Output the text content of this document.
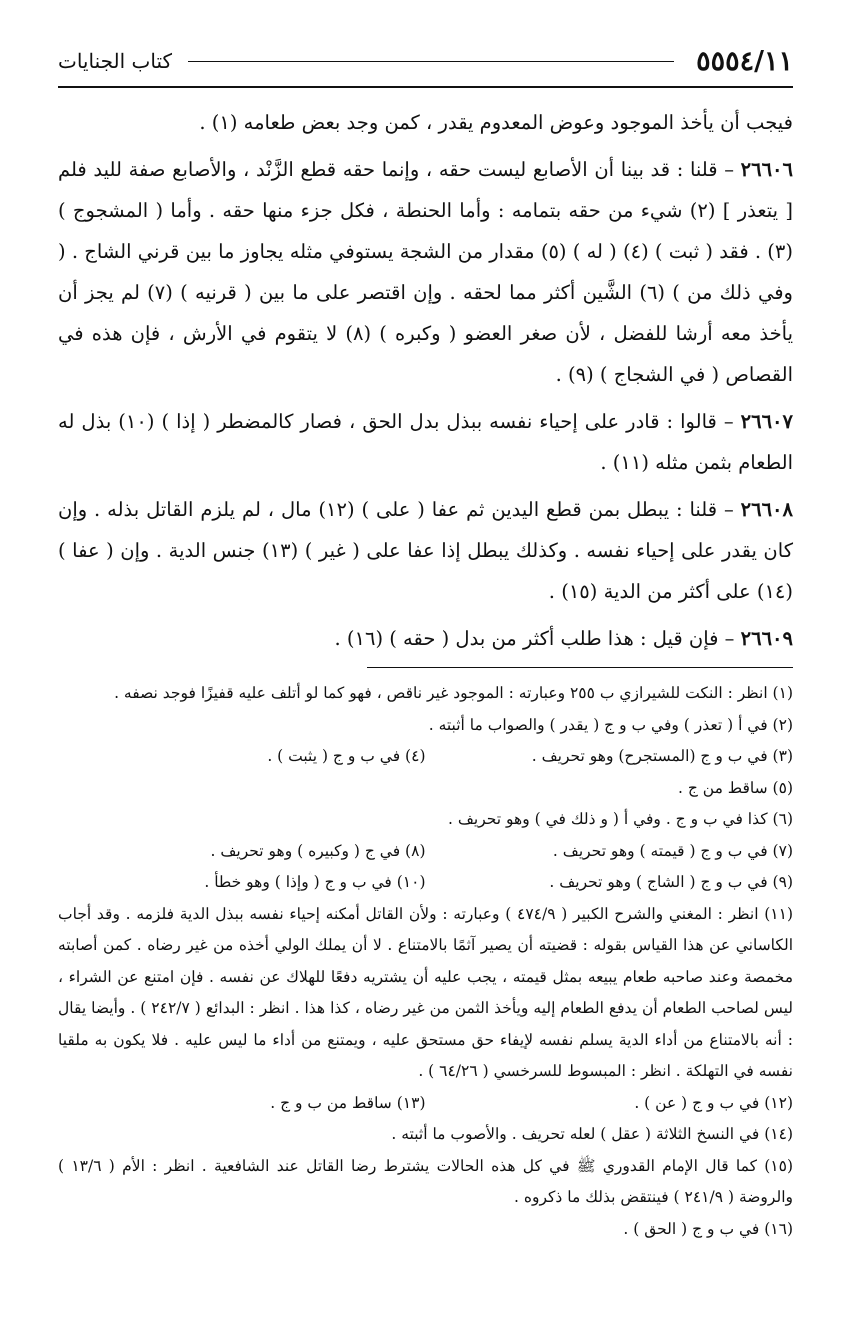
٥٥٥٤/١١
كتاب الجنايات

فيجب أن يأخذ الموجود وعوض المعدوم يقدر ، كمن وجد بعض طعامه (١) .

٢٦٦٠٦ – قلنا : قد بينا أن الأصابع ليست حقه ، وإنما حقه قطع الزَّنْد ، والأصابع صفة لليد فلم [ يتعذر ] (٢) شيء من حقه بتمامه : وأما الحنطة ، فكل جزء منها حقه . وأما ( المشجوج ) (٣) . فقد ( ثبت ) (٤) ( له ) (٥) مقدار من الشجة يستوفي مثله يجاوز ما بين قرني الشاج . ( وفي ذلك من ) (٦) الشَّين أكثر مما لحقه . وإن اقتصر على ما بين ( قرنيه ) (٧) لم يجز أن يأخذ معه أرشا للفضل ، لأن صغر العضو ( وكبره ) (٨) لا يتقوم في الأرش ، فإن هذه في القصاص ( في الشجاج ) (٩) .

٢٦٦٠٧ – قالوا : قادر على إحياء نفسه ببذل بدل الحق ، فصار كالمضطر ( إذا ) (١٠) بذل له الطعام بثمن مثله (١١) .

٢٦٦٠٨ – قلنا : يبطل بمن قطع اليدين ثم عفا ( على ) (١٢) مال ، لم يلزم القاتل بذله . وإن كان يقدر على إحياء نفسه . وكذلك يبطل إذا عفا على ( غير ) (١٣) جنس الدية . وإن ( عفا ) (١٤) على أكثر من الدية (١٥) .

٢٦٦٠٩ – فإن قيل : هذا طلب أكثر من بدل ( حقه ) (١٦) .

(١) انظر : النكت للشيرازي ب ٢٥٥ وعبارته : الموجود غير ناقص ، فهو كما لو أتلف عليه قفيزًا فوجد نصفه .

(٢) في أ ( تعذر ) وفي ب و ج ( يقدر ) والصواب ما أثبته .

(٣) في ب و ج (المستجرح) وهو تحريف .
(٤) في ب و ج ( يثبت ) .

(٥) ساقط من ج .

(٦) كذا في ب و ج . وفي أ ( و ذلك في ) وهو تحريف .

(٧) في ب و ج ( قيمته ) وهو تحريف .
(٨) في ج ( وكبيره ) وهو تحريف .
(٩) في ب و ج ( الشاج ) وهو تحريف .
(١٠) في ب و ج ( وإذا ) وهو خطأ .

(١١) انظر : المغني والشرح الكبير ( ٤٧٤/٩ ) وعبارته : ولأن القاتل أمكنه إحياء نفسه ببذل الدية فلزمه . وقد أجاب الكاساني عن هذا القياس بقوله : قضيته أن يصير آثمًا بالامتناع . لا أن يملك الولي أخذه من غير رضاه . كمن أصابته مخمصة وعند صاحبه طعام يبيعه بمثل قيمته ، يجب عليه أن يشتريه دفعًا للهلاك عن نفسه . فإن امتنع عن الشراء ، ليس لصاحب الطعام أن يدفع الطعام إليه ويأخذ الثمن من غير رضاه ، كذا هذا . انظر : البدائع ( ٢٤٢/٧ ) . وأيضا يقال : أنه بالامتناع من أداء الدية يسلم نفسه لإيفاء حق مستحق عليه ، ويمتنع من أداء ما ليس عليه . فلا يكون به ملقيا نفسه في التهلكة . انظر : المبسوط للسرخسي ( ٦٤/٢٦ ) .

(١٢) في ب و ج ( عن ) .
(١٣) ساقط من ب و ج .

(١٤) في النسخ الثلاثة ( عقل ) لعله تحريف . والأصوب ما أثبته .

(١٥) كما قال الإمام القدوري ﷺ في كل هذه الحالات يشترط رضا القاتل عند الشافعية . انظر : الأم ( ١٣/٦ ) والروضة ( ٢٤١/٩ ) فينتقض بذلك ما ذكروه .

(١٦) في ب و ج ( الحق ) .
